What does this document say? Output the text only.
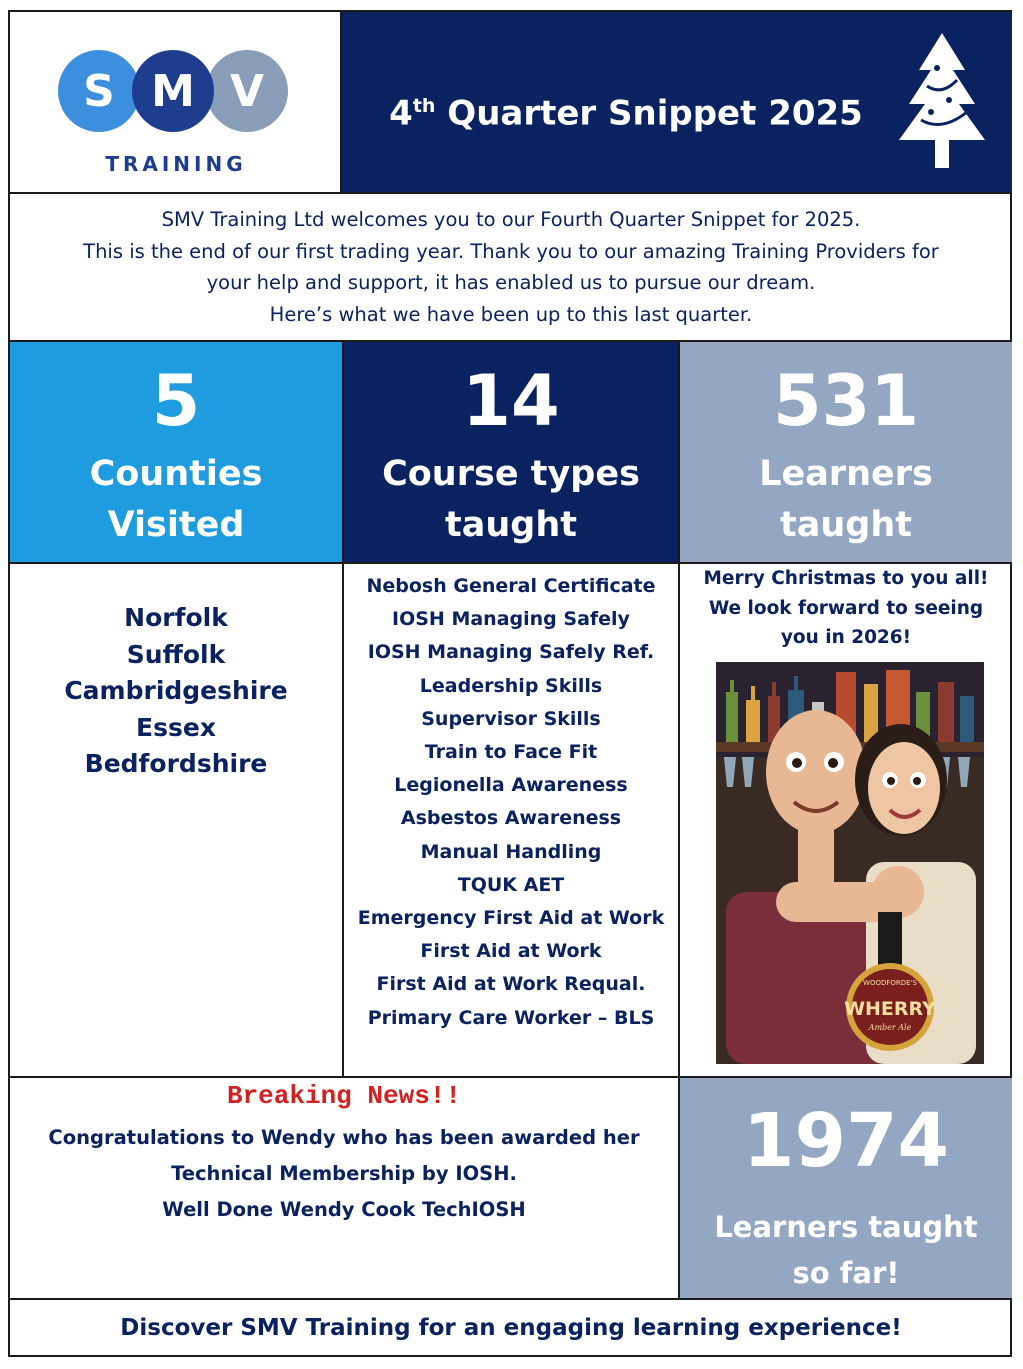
S M V
TRAINING
4th Quarter Snippet 2025
SMV Training Ltd welcomes you to our Fourth Quarter Snippet for 2025.
This is the end of our first trading year. Thank you to our amazing Training Providers for
your help and support, it has enabled us to pursue our dream.
Here’s what we have been up to this last quarter.
5
Counties
Visited
14
Course types
taught
531
Learners
taught
Norfolk
Suffolk
Cambridgeshire
Essex
Bedfordshire
Nebosh General Certificate
IOSH Managing Safely
IOSH Managing Safely Ref.
Leadership Skills
Supervisor Skills
Train to Face Fit
Legionella Awareness
Asbestos Awareness
Manual Handling
TQUK AET
Emergency First Aid at Work
First Aid at Work
First Aid at Work Requal.
Primary Care Worker – BLS
Merry Christmas to you all!
We look forward to seeing
you in 2026!
WOODFORDE'S
WHERRY
Amber Ale
Breaking News!!
Congratulations to Wendy who has been awarded her
Technical Membership by IOSH.
Well Done Wendy Cook TechIOSH
1974
Learners taught
so far!
Discover SMV Training for an engaging learning experience!
